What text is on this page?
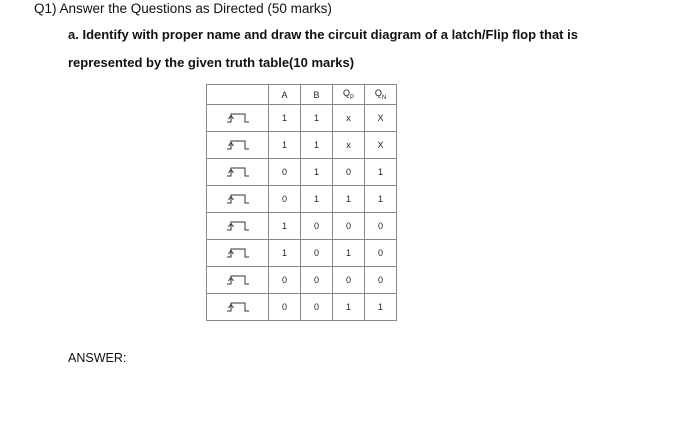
Q1) Answer the Questions as Directed (50 marks)
a. Identify with proper name and draw the circuit diagram of a latch/Flip flop that is
represented by the given truth table(10 marks)
	A	B	$Q_P$	$Q_N$

	1	1	x	X

	1	1	x	X

	0	1	0	1

	0	1	1	1

	1	0	0	0

	1	0	1	0

	0	0	0	0

	0	0	1	1
ANSWER:
